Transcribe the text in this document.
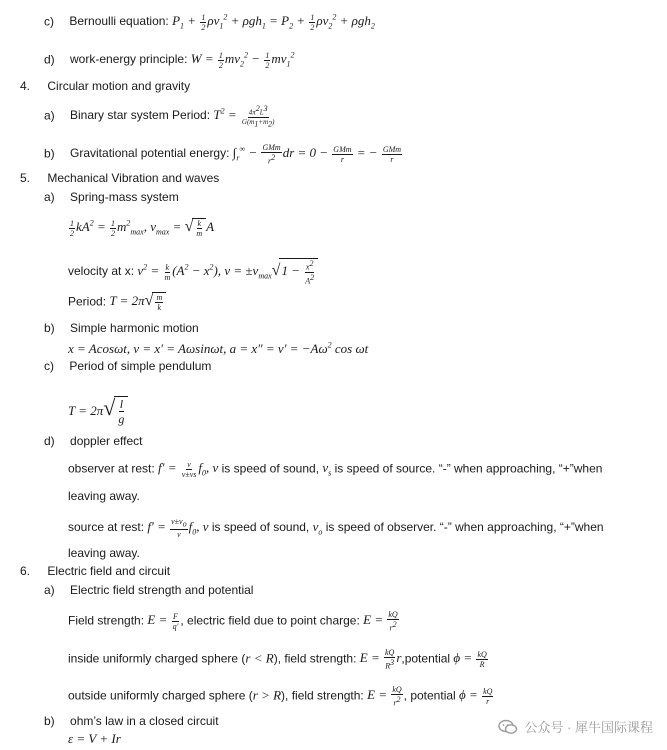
c) Bernoulli equation: $P_1 + \frac{1}{2} \rho v_1^2 + \rho gh_1 = P_2 + \frac{1}{2} \rho v_2^2 + \rho gh_2$
d) work-energy principle: $W = \frac{1}{2} mv_2^2 - \frac{1}{2} mv_1^2$
4. Circular motion and gravity
a) Binary star system Period: $T^2 = \frac{4\pi^2L^3}{G(m_1+m_2)}$
b) Gravitational potential energy: $\int_r^\infty - \frac{\text{GMm}}{r^2}$ dr = $0 - \frac{\text{GMm}}{r}$ = − $\frac{\text{GMm}}{r}$
5. Mechanical Vibration and waves
a) Spring-mass system
$\frac{1}{2} kA^2 = \frac{1}{2} m^2_{max}$, $v_{max}$ = √ $\frac{k}{m}$ A
velocity at x: $v^2 = \frac{k}{m} (A^2 - x^2)$, $v = \pm v_{max}√1 - \frac{x^2}{A^2}$
Period: $T = 2\pi√ \frac{m}{k}$
b) Simple harmonic motion
x = Acosωt, v = x′ = Aωsinωt, $a = x'' = v' = -A\omega^2$ cos ωt
c) Period of simple pendulum
$T = 2\pi√ \frac{l}{g}$
d) doppler effect
observer at rest: $f' = \frac{v}{v\pm vs} f_0$, v is speed of sound, $v_s$ is speed of source. “-” when approaching, “+”when
leaving away.
source at rest: $f' = \frac{v\pm v_o}{v} f_0$, v is speed of sound, $v_o$ is speed of observer. “-” when approaching, “+”when
leaving away.
6. Electric field and circuit
a) Electric field strength and potential
Field strength: $E = \frac{F}{q'}$ , electric field due to point charge: $E = \frac{kQ}{r^2}$
inside uniformly charged sphere (r < R), field strength: $E = \frac{kQ}{R^3}$ r,potential $\phi = \frac{kQ}{R}$
outside uniformly charged sphere (r > R), field strength: $E = \frac{kQ}{r^2}$ , potential $\phi = \frac{kQ}{r}$
b) ohm’s law in a closed circuit
ε = V + Ir
公众号 · 犀牛国际课程
